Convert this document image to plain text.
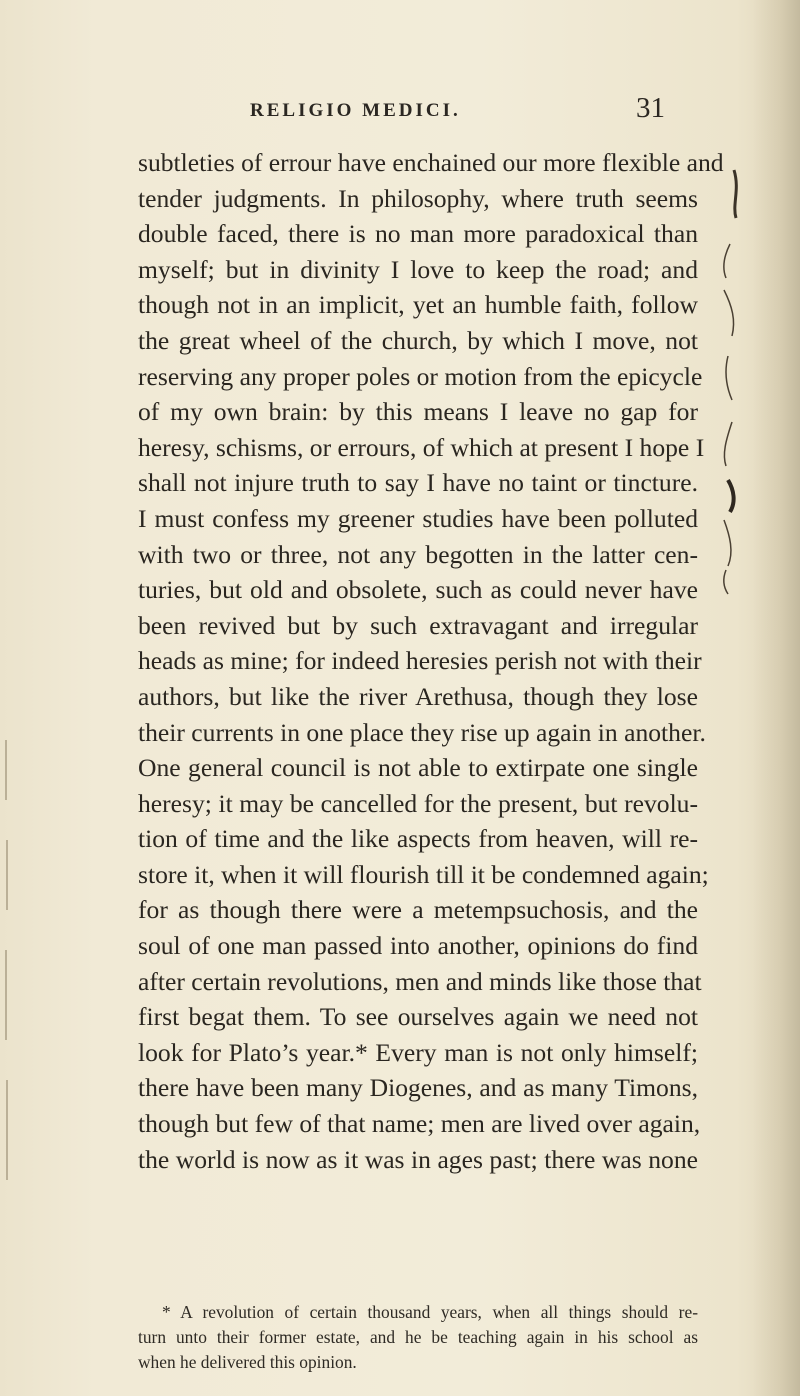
RELIGIO MEDICI.	31
subtleties of errour have enchained our more flexible and
tender judgments. In philosophy, where truth seems
double faced, there is no man more paradoxical than
myself; but in divinity I love to keep the road; and
though not in an implicit, yet an humble faith, follow
the great wheel of the church, by which I move, not
reserving any proper poles or motion from the epicycle
of my own brain: by this means I leave no gap for
heresy, schisms, or errours, of which at present I hope I
shall not injure truth to say I have no taint or tincture.
I must confess my greener studies have been polluted
with two or three, not any begotten in the latter cen-
turies, but old and obsolete, such as could never have
been revived but by such extravagant and irregular
heads as mine; for indeed heresies perish not with their
authors, but like the river Arethusa, though they lose
their currents in one place they rise up again in another.
One general council is not able to extirpate one single
heresy; it may be cancelled for the present, but revolu-
tion of time and the like aspects from heaven, will re-
store it, when it will flourish till it be condemned again;
for as though there were a metempsuchosis, and the
soul of one man passed into another, opinions do find
after certain revolutions, men and minds like those that
first begat them. To see ourselves again we need not
look for Plato’s year.* Every man is not only himself;
there have been many Diogenes, and as many Timons,
though but few of that name; men are lived over again,
the world is now as it was in ages past; there was none
* A revolution of certain thousand years, when all things should re-
turn unto their former estate, and he be teaching again in his school as
when he delivered this opinion.
